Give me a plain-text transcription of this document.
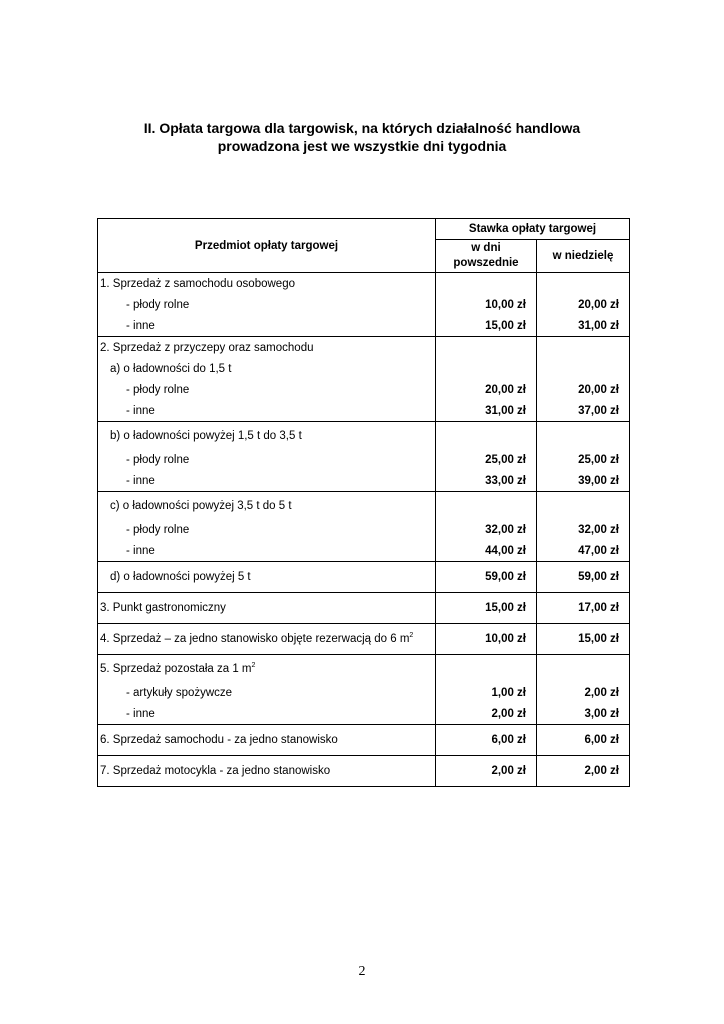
II. Opłata targowa dla targowisk, na których działalność handlowa
prowadzona jest we wszystkie dni tygodnia
Przedmiot opłaty targowej	Stawka opłaty targowej	
	w dni powszednie	w niedzielę
1. Sprzedaż z samochodu osobowego		
- płody rolne	10,00 zł	20,00 zł
- inne	15,00 zł	31,00 zł
2. Sprzedaż z przyczepy oraz samochodu		
a) o ładowności do 1,5 t		
- płody rolne	20,00 zł	20,00 zł
- inne	31,00 zł	37,00 zł
b) o ładowności powyżej 1,5 t do 3,5 t		
- płody rolne	25,00 zł	25,00 zł
- inne	33,00 zł	39,00 zł
c) o ładowności powyżej 3,5 t do 5 t		
- płody rolne	32,00 zł	32,00 zł
- inne	44,00 zł	47,00 zł
d) o ładowności powyżej 5 t	59,00 zł	59,00 zł
3. Punkt gastronomiczny	15,00 zł	17,00 zł
4. Sprzedaż – za jedno stanowisko objęte rezerwacją do 6 $m^2$	10,00 zł	15,00 zł
5. Sprzedaż pozostała za 1 $m^2$		
- artykuły spożywcze	1,00 zł	2,00 zł
- inne	2,00 zł	3,00 zł
6. Sprzedaż samochodu - za jedno stanowisko	6,00 zł	6,00 zł
7. Sprzedaż motocykla - za jedno stanowisko	2,00 zł	2,00 zł
2
